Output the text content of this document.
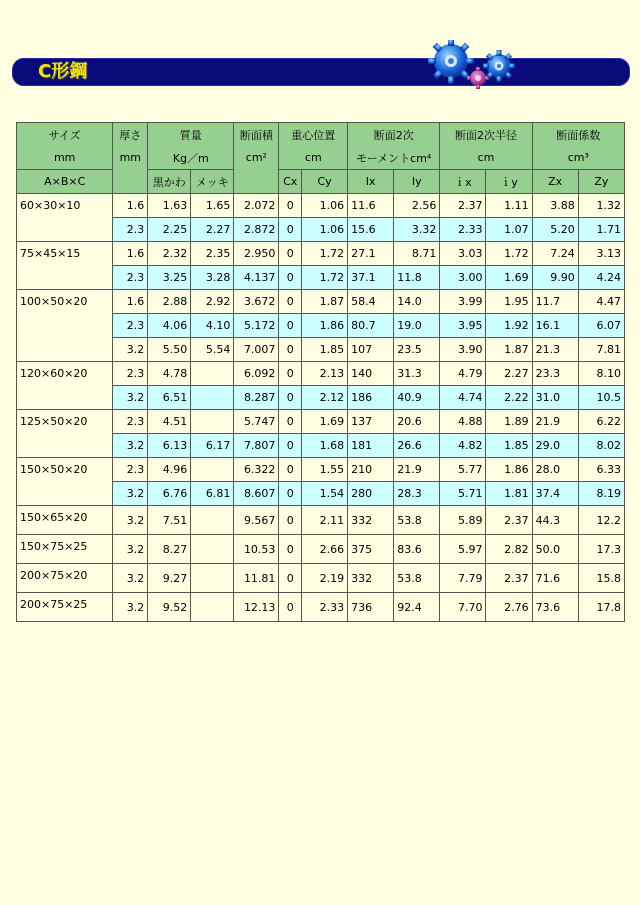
C形鋼
サイズ	厚さ	質量		断面積	重心位置		断面2次		断面2次半径		断面係数	
mm	mm	Kg／m		cm²	cm		モーメントcm⁴		cm		cm³	
A×B×C		黒かわ	メッキ		Cx	Cy	Ⅰx	Ⅰy	ｉx	ｉy	Zx	Zy
60×30×10	1.6	1.63	1.65	2.072	0	1.06	11.6	2.56	2.37	1.11	3.88	1.32
	2.3	2.25	2.27	2.872	0	1.06	15.6	3.32	2.33	1.07	5.20	1.71
75×45×15	1.6	2.32	2.35	2.950	0	1.72	27.1	8.71	3.03	1.72	7.24	3.13
	2.3	3.25	3.28	4.137	0	1.72	37.1	11.8	3.00	1.69	9.90	4.24
100×50×20	1.6	2.88	2.92	3.672	0	1.87	58.4	14.0	3.99	1.95	11.7	4.47
	2.3	4.06	4.10	5.172	0	1.86	80.7	19.0	3.95	1.92	16.1	6.07
	3.2	5.50	5.54	7.007	0	1.85	107	23.5	3.90	1.87	21.3	7.81
120×60×20	2.3	4.78		6.092	0	2.13	140	31.3	4.79	2.27	23.3	8.10
	3.2	6.51		8.287	0	2.12	186	40.9	4.74	2.22	31.0	10.5
125×50×20	2.3	4.51		5.747	0	1.69	137	20.6	4.88	1.89	21.9	6.22
	3.2	6.13	6.17	7.807	0	1.68	181	26.6	4.82	1.85	29.0	8.02
150×50×20	2.3	4.96		6.322	0	1.55	210	21.9	5.77	1.86	28.0	6.33
	3.2	6.76	6.81	8.607	0	1.54	280	28.3	5.71	1.81	37.4	8.19
150×65×20	3.2	7.51		9.567	0	2.11	332	53.8	5.89	2.37	44.3	12.2
150×75×25	3.2	8.27		10.53	0	2.66	375	83.6	5.97	2.82	50.0	17.3
200×75×20	3.2	9.27		11.81	0	2.19	332	53.8	7.79	2.37	71.6	15.8
200×75×25	3.2	9.52		12.13	0	2.33	736	92.4	7.70	2.76	73.6	17.8
